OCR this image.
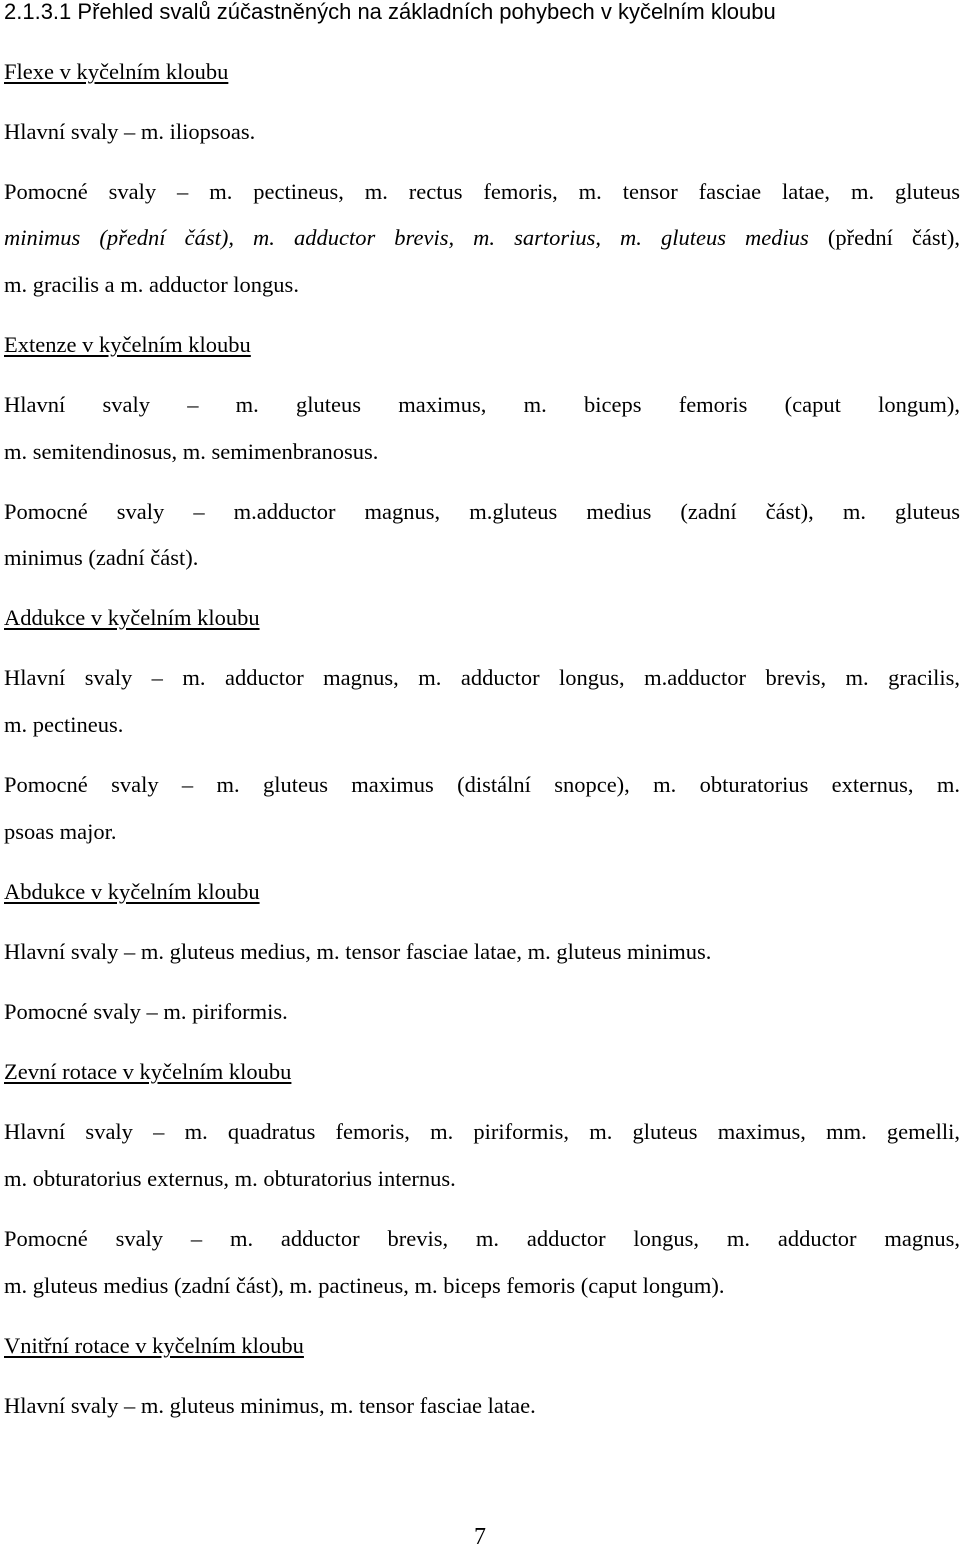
2.1.3.1 Přehled svalů zúčastněných na základních pohybech v kyčelním kloubu
Flexe v kyčelním kloubu
Hlavní svaly – m. iliopsoas.
Pomocné svaly – m. pectineus, m. rectus femoris, m. tensor fasciae latae, m. gluteus
minimus (přední část), m. adductor brevis, m. sartorius, m. gluteus medius (přední část),
m. gracilis a m. adductor longus.
Extenze v kyčelním kloubu
Hlavní svaly – m. gluteus maximus, m. biceps femoris (caput longum),
m. semitendinosus, m. semimenbranosus.
Pomocné svaly – m.adductor magnus, m.gluteus medius (zadní část), m. gluteus
minimus (zadní část).
Addukce v kyčelním kloubu
Hlavní svaly – m. adductor magnus, m. adductor longus, m.adductor brevis, m. gracilis,
m. pectineus.
Pomocné svaly – m. gluteus maximus (distální snopce), m. obturatorius externus, m.
psoas major.
Abdukce v kyčelním kloubu
Hlavní svaly – m. gluteus medius, m. tensor fasciae latae, m. gluteus minimus.
Pomocné svaly – m. piriformis.
Zevní rotace v kyčelním kloubu
Hlavní svaly – m. quadratus femoris, m. piriformis, m. gluteus maximus, mm. gemelli,
m. obturatorius externus, m. obturatorius internus.
Pomocné svaly – m. adductor brevis, m. adductor longus, m. adductor magnus,
m. gluteus medius (zadní část), m. pactineus, m. biceps femoris (caput longum).
Vnitřní rotace v kyčelním kloubu
Hlavní svaly – m. gluteus minimus, m. tensor fasciae latae.
7
